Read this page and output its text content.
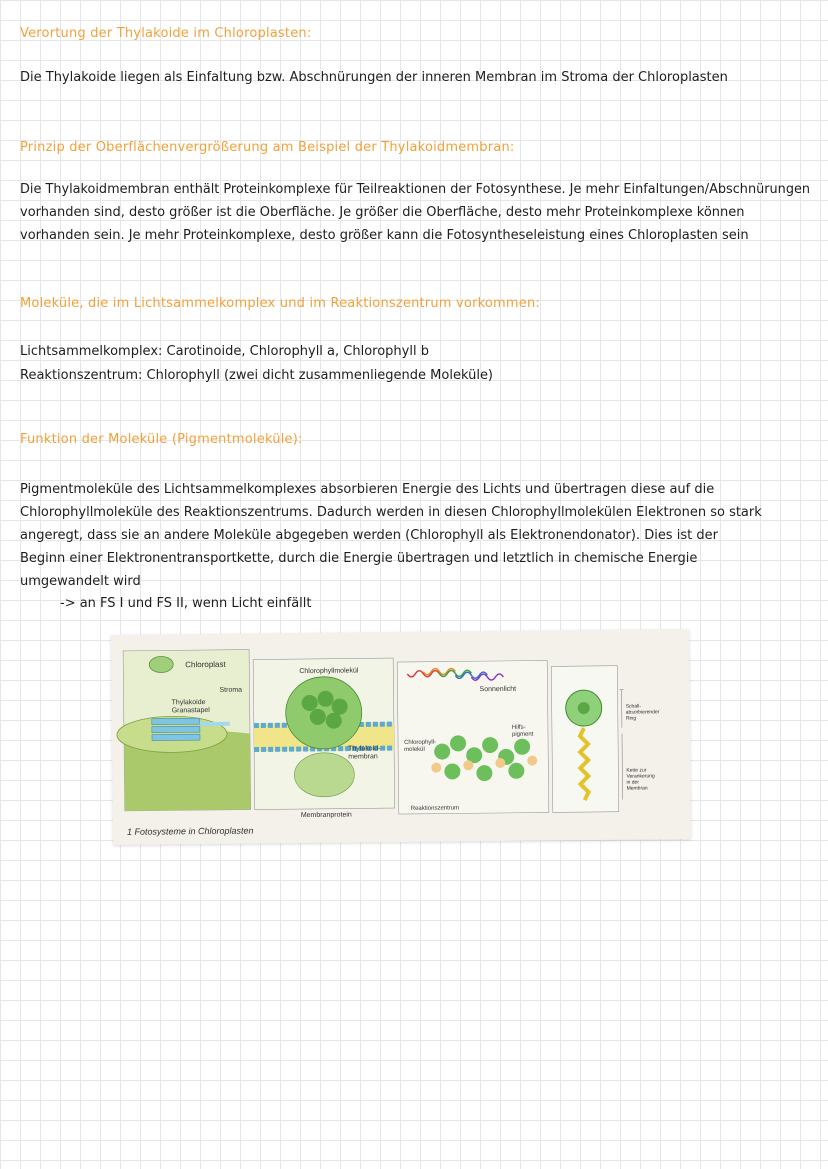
Verortung der Thylakoide im Chloroplasten:
Die Thylakoide liegen als Einfaltung bzw. Abschnürungen der inneren Membran im Stroma der Chloroplasten
Prinzip der Oberflächenvergrößerung am Beispiel der Thylakoidmembran:
Die Thylakoidmembran enthält Proteinkomplexe für Teilreaktionen der Fotosynthese. Je mehr Einfaltungen/Abschnürungen
vorhanden sind, desto größer ist die Oberfläche. Je größer die Oberfläche, desto mehr Proteinkomplexe können
vorhanden sein. Je mehr Proteinkomplexe, desto größer kann die Fotosyntheseleistung eines Chloroplasten sein
Moleküle, die im Lichtsammelkomplex und im Reaktionszentrum vorkommen:
Lichtsammelkomplex: Carotinoide, Chlorophyll a, Chlorophyll b
Reaktionszentrum: Chlorophyll (zwei dicht zusammenliegende Moleküle)
Funktion der Moleküle (Pigmentmoleküle):
Pigmentmoleküle des Lichtsammelkomplexes absorbieren Energie des Lichts und übertragen diese auf die
Chlorophyllmoleküle des Reaktionszentrums. Dadurch werden in diesen Chlorophyllmolekülen Elektronen so stark
angeregt, dass sie an andere Moleküle abgegeben werden (Chlorophyll als Elektronendonator). Dies ist der
Beginn einer Elektronentransportkette, durch die Energie übertragen und letztlich in chemische Energie
umgewandelt wird
-> an FS I und FS II, wenn Licht einfällt
Chloroplast
Stroma
Thylakoide
Granastapel
Chlorophyllmolekül
Thylakoid-
membran
Membranprotein
Sonnenlicht
Hilfs-
pigment
Chlorophyll-
molekül
Reaktionszentrum
Schall-
absorbierender
Ring
Kette zur
Verankerung
in der
Membran
1 Fotosysteme in Chloroplasten
